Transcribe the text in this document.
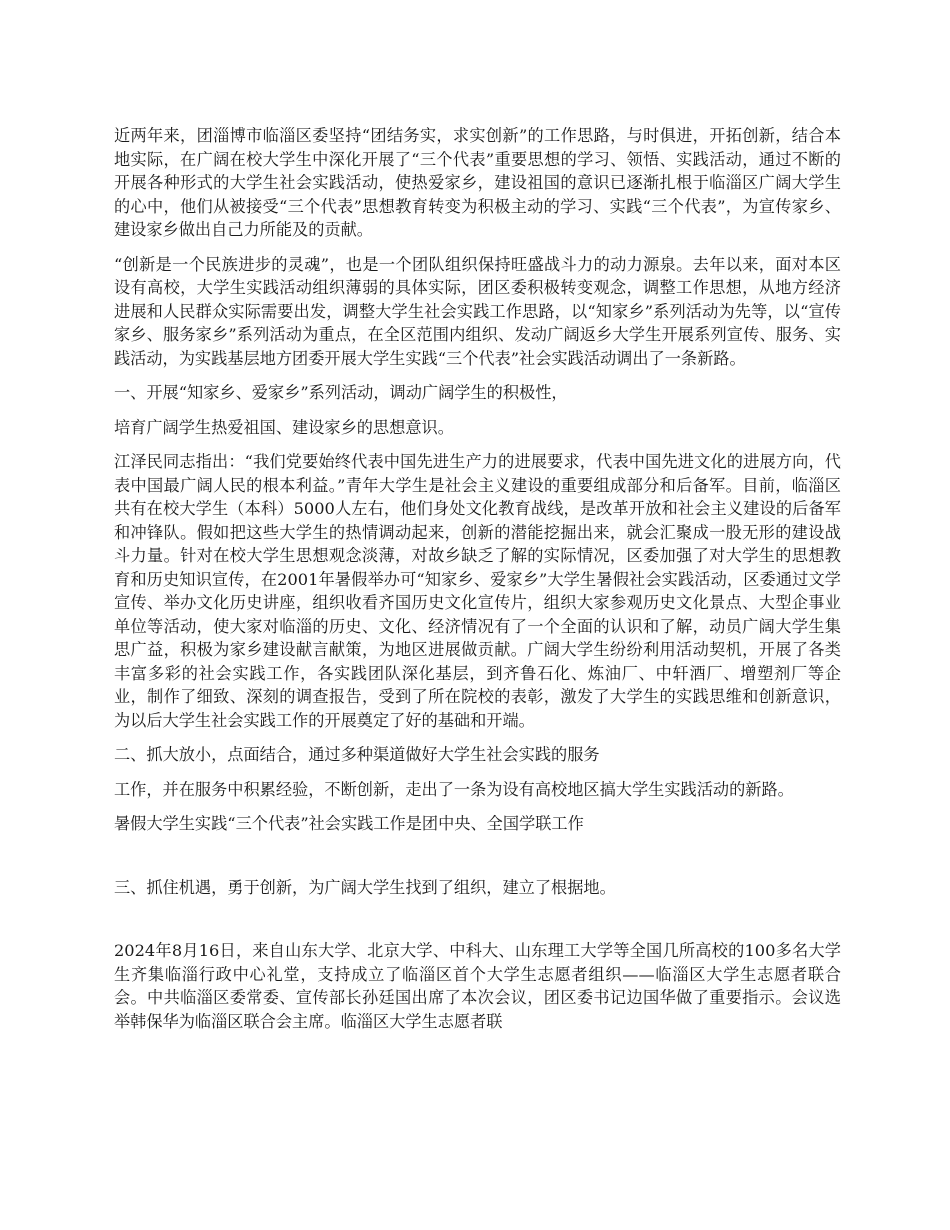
近两年来，团淄博市临淄区委坚持“团结务实，求实创新”的工作思路，与时俱进，开拓创新，结合本地实际，在广阔在校大学生中深化开展了“三个代表”重要思想的学习、领悟、实践活动，通过不断的开展各种形式的大学生社会实践活动，使热爱家乡，建设祖国的意识已逐渐扎根于临淄区广阔大学生的心中，他们从被接受“三个代表”思想教育转变为积极主动的学习、实践“三个代表”，为宣传家乡、建设家乡做出自己力所能及的贡献。

“创新是一个民族进步的灵魂”，也是一个团队组织保持旺盛战斗力的动力源泉。去年以来，面对本区设有高校，大学生实践活动组织薄弱的具体实际，团区委积极转变观念，调整工作思想，从地方经济进展和人民群众实际需要出发，调整大学生社会实践工作思路，以“知家乡”系列活动为先等，以“宣传家乡、服务家乡”系列活动为重点，在全区范围内组织、发动广阔返乡大学生开展系列宣传、服务、实践活动，为实践基层地方团委开展大学生实践“三个代表”社会实践活动调出了一条新路。

一、开展“知家乡、爱家乡”系列活动，调动广阔学生的积极性，

培育广阔学生热爱祖国、建设家乡的思想意识。

江泽民同志指出：“我们党要始终代表中国先进生产力的进展要求，代表中国先进文化的进展方向，代表中国最广阔人民的根本利益。”青年大学生是社会主义建设的重要组成部分和后备军。目前，临淄区共有在校大学生（本科）5000人左右，他们身处文化教育战线，是改革开放和社会主义建设的后备军和冲锋队。假如把这些大学生的热情调动起来，创新的潜能挖掘出来，就会汇聚成一股无形的建设战斗力量。针对在校大学生思想观念淡薄，对故乡缺乏了解的实际情况，区委加强了对大学生的思想教育和历史知识宣传，在2001年暑假举办可“知家乡、爱家乡”大学生暑假社会实践活动，区委通过文学宣传、举办文化历史讲座，组织收看齐国历史文化宣传片，组织大家参观历史文化景点、大型企事业单位等活动，使大家对临淄的历史、文化、经济情况有了一个全面的认识和了解，动员广阔大学生集思广益，积极为家乡建设献言献策，为地区进展做贡献。广阔大学生纷纷利用活动契机，开展了各类丰富多彩的社会实践工作，各实践团队深化基层，到齐鲁石化、炼油厂、中轩酒厂、增塑剂厂等企业，制作了细致、深刻的调查报告，受到了所在院校的表彰，激发了大学生的实践思维和创新意识，为以后大学生社会实践工作的开展奠定了好的基础和开端。

二、抓大放小，点面结合，通过多种渠道做好大学生社会实践的服务

工作，并在服务中积累经验，不断创新，走出了一条为设有高校地区搞大学生实践活动的新路。

暑假大学生实践“三个代表”社会实践工作是团中央、全国学联工作

三、抓住机遇，勇于创新，为广阔大学生找到了组织，建立了根据地。

2024年8月16日，来自山东大学、北京大学、中科大、山东理工大学等全国几所高校的100多名大学生齐集临淄行政中心礼堂，支持成立了临淄区首个大学生志愿者组织——临淄区大学生志愿者联合会。中共临淄区委常委、宣传部长孙廷国出席了本次会议，团区委书记边国华做了重要指示。会议选举韩保华为临淄区联合会主席。临淄区大学生志愿者联
